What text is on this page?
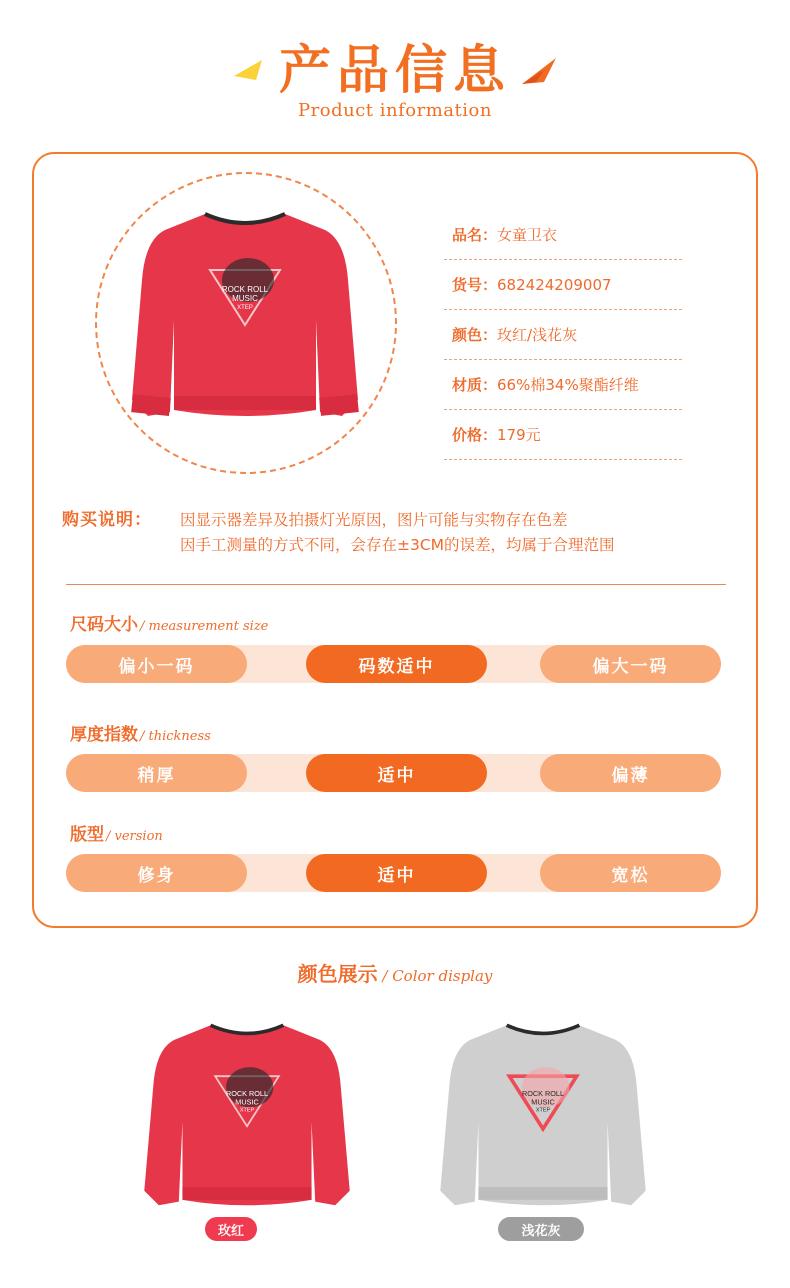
产品信息
Product information
ROCK ROLL
MUSIC
XTEP
品名： 女童卫衣
货号： 682424209007
颜色： 玫红/浅花灰
材质： 66%棉34%聚酯纤维
价格： 179元
购买说明： 因显示器差异及拍摄灯光原因，图片可能与实物存在色差
因手工测量的方式不同，会存在±3CM的误差，均属于合理范围
尺码大小 / measurement size
偏小一码	码数适中	偏大一码
厚度指数 / thickness
稍厚	适中	偏薄
版型 / version
修身	适中	宽松
颜色展示 / Color display
ROCK ROLL
MUSIC
XTEP
ROCK ROLL
MUSIC
XTEP
玫红	浅花灰
